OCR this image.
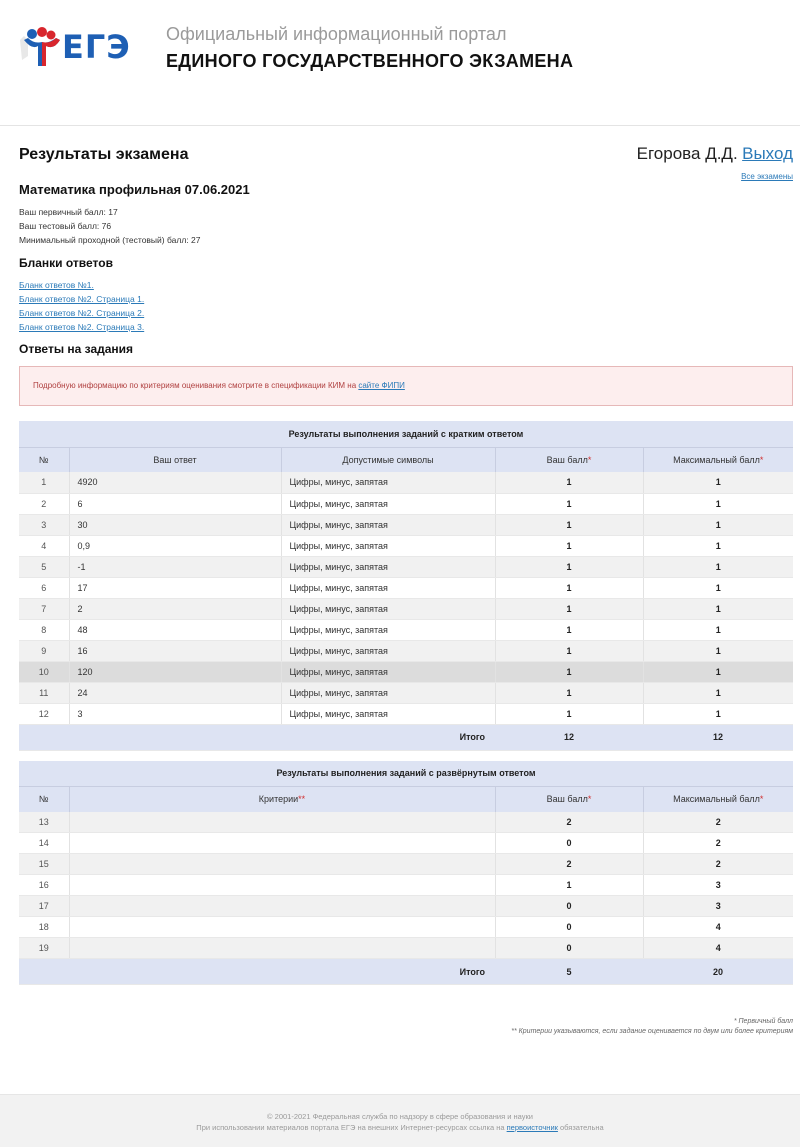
ЕГЭ Официальный информационный портал
ЕДИНОГО ГОСУДАРСТВЕННОГО ЭКЗАМЕНА
Результаты экзамена	Егорова Д.Д. Выход
Все экзамены
Математика профильная 07.06.2021
Ваш первичный балл: 17
Ваш тестовый балл: 76
Минимальный проходной (тестовый) балл: 27
Бланки ответов
Бланк ответов №1.
Бланк ответов №2. Страница 1.
Бланк ответов №2. Страница 2.
Бланк ответов №2. Страница 3.
Ответы на задания
Подробную информацию по критериям оценивания смотрите в спецификации КИМ на сайте ФИПИ
Результаты выполнения заданий с кратким ответом				
№	Ваш ответ	Допустимые символы	Ваш балл*	Максимальный балл*
1	4920	Цифры, минус, запятая	1	1
2	6	Цифры, минус, запятая	1	1
3	30	Цифры, минус, запятая	1	1
4	0,9	Цифры, минус, запятая	1	1
5	-1	Цифры, минус, запятая	1	1
6	17	Цифры, минус, запятая	1	1
7	2	Цифры, минус, запятая	1	1
8	48	Цифры, минус, запятая	1	1
9	16	Цифры, минус, запятая	1	1
10	120	Цифры, минус, запятая	1	1
11	24	Цифры, минус, запятая	1	1
12	3	Цифры, минус, запятая	1	1
Итого			12	12
Результаты выполнения заданий с развёрнутым ответом			
№	Критерии**	Ваш балл*	Максимальный балл*
13		2	2
14		0	2
15		2	2
16		1	3
17		0	3
18		0	4
19		0	4
Итого		5	20
* Первичный балл
** Критерии указываются, если задание оценивается по двум или более критериям
© 2001-2021 Федеральная служба по надзору в сфере образования и науки
При использовании материалов портала ЕГЭ на внешних Интернет-ресурсах ссылка на первоисточник обязательна
